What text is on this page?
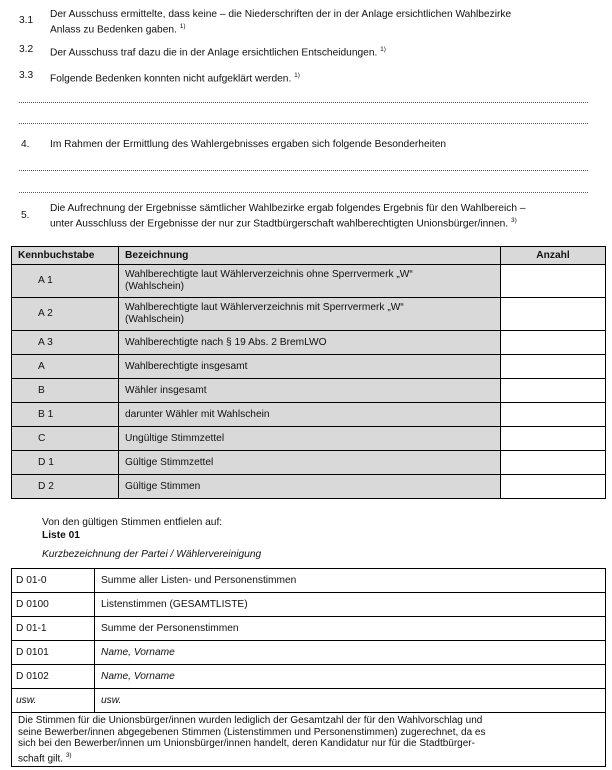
3.1
Der Ausschuss ermittelte, dass keine – die Niederschriften der in der Anlage ersichtlichen Wahlbezirke
Anlass zu Bedenken gaben. $^{1)}$
3.2 Der Ausschuss traf dazu die in der Anlage ersichtlichen Entscheidungen. $^{1)}$
3.3 Folgende Bedenken konnten nicht aufgeklärt werden. $^{1)}$
4. Im Rahmen der Ermittlung des Wahlergebnisses ergaben sich folgende Besonderheiten
5.
Die Aufrechnung der Ergebnisse sämtlicher Wahlbezirke ergab folgendes Ergebnis für den Wahlbereich –
unter Ausschluss der Ergebnisse der nur zur Stadtbürgerschaft wahlberechtigten Unionsbürger/innen. $^{3)}$
Kennbuchstabe	Bezeichnung	Anzahl
A 1	Wahlberechtigte laut Wählerverzeichnis ohne Sperrvermerk „W“
(Wahlschein)	

A 2	Wahlberechtigte laut Wählerverzeichnis mit Sperrvermerk „W“
(Wahlschein)	

A 3	Wahlberechtigte nach § 19 Abs. 2 BremLWO	
A	Wahlberechtigte insgesamt	
B	Wähler insgesamt	
B 1	darunter Wähler mit Wahlschein	
C	Ungültige Stimmzettel	
D 1	Gültige Stimmzettel	
D 2	Gültige Stimmen	
Von den gültigen Stimmen entfielen auf:
Liste 01
Kurzbezeichnung der Partei / Wählervereinigung
D 01-0	Summe aller Listen- und Personenstimmen
D 0100	Listenstimmen (GESAMTLISTE)
D 01-1	Summe der Personenstimmen
D 0101	Name, Vorname
D 0102	Name, Vorname
usw.	usw.

Die Stimmen für die Unionsbürger/innen wurden lediglich der Gesamtzahl der für den Wahlvorschlag und
seine Bewerber/innen abgegebenen Stimmen (Listenstimmen und Personenstimmen) zugerechnet, da es
sich bei den Bewerber/innen um Unionsbürger/innen handelt, deren Kandidatur nur für die Stadtbürger-
schaft gilt. $^{3)}$
